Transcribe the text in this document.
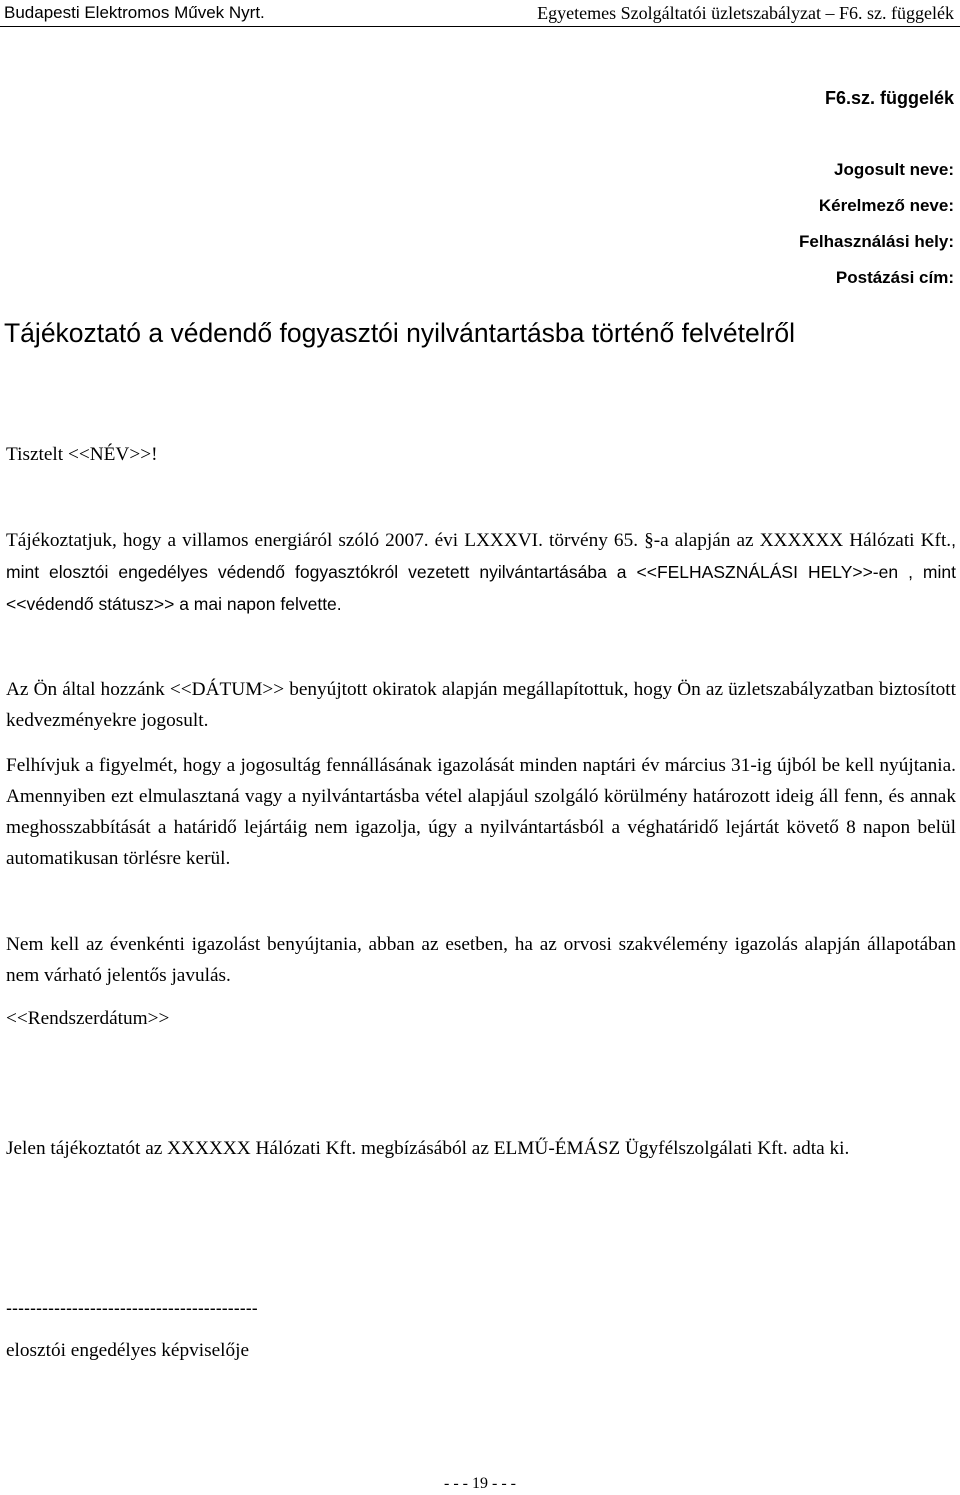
Budapesti Elektromos Művek Nyrt.	Egyetemes Szolgáltatói üzletszabályzat – F6. sz. függelék
F6.sz. függelék
Jogosult neve:
Kérelmező neve:
Felhasználási hely:
Postázási cím:
Tájékoztató a védendő fogyasztói nyilvántartásba történő felvételről
Tisztelt <<NÉV>>!
Tájékoztatjuk, hogy a villamos energiáról szóló 2007. évi LXXXVI. törvény 65. §-a alapján az XXXXXX Hálózati Kft., mint elosztói engedélyes védendő fogyasztókról vezetett nyilvántartásába a <<FELHASZNÁLÁSI HELY>>-en , mint <<védendő státusz>> a mai napon felvette.
Az Ön által hozzánk <<DÁTUM>> benyújtott okiratok alapján megállapítottuk, hogy Ön az üzletszabályzatban biztosított kedvezményekre jogosult.
Felhívjuk a figyelmét, hogy a jogosultág fennállásának igazolását minden naptári év március 31-ig újból be kell nyújtania. Amennyiben ezt elmulasztaná vagy a nyilvántartásba vétel alapjául szolgáló körülmény határozott ideig áll fenn, és annak meghosszabbítását a határidő lejártáig nem igazolja, úgy a nyilvántartásból a véghatáridő lejártát követő 8 napon belül automatikusan törlésre kerül.
Nem kell az évenkénti igazolást benyújtania, abban az esetben, ha az orvosi szakvélemény igazolás alapján állapotában nem várható jelentős javulás.
<<Rendszerdátum>>
Jelen tájékoztatót az XXXXXX Hálózati Kft. megbízásából az ELMŰ-ÉMÁSZ Ügyfélszolgálati Kft. adta ki.
------------------------------------------
elosztói engedélyes képviselője
- - - 19 - - -
